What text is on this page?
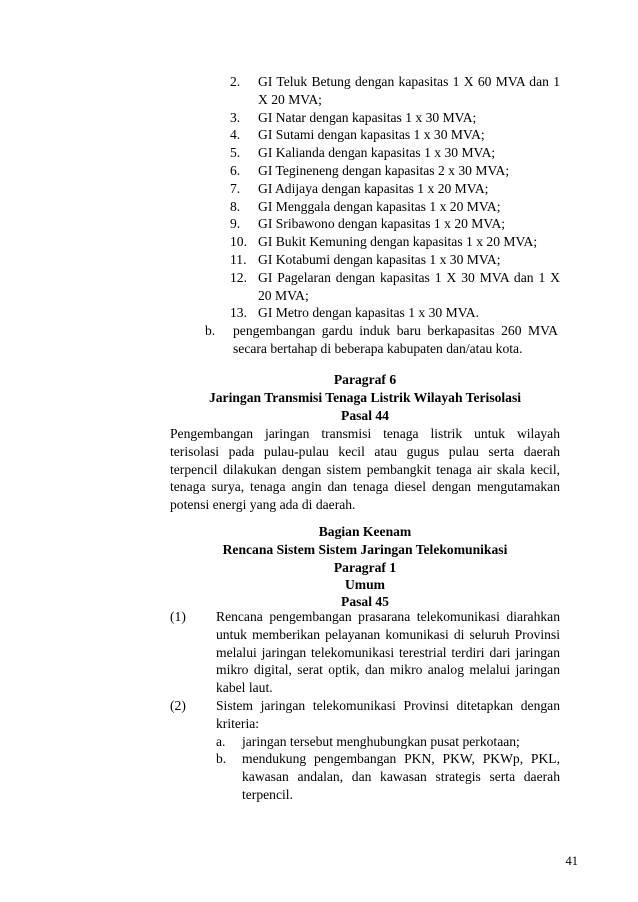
2. GI Teluk Betung dengan kapasitas 1 X 60 MVA dan 1 X 20 MVA;
3. GI Natar dengan kapasitas 1 x 30 MVA;
4. GI Sutami dengan kapasitas 1 x 30 MVA;
5. GI Kalianda dengan kapasitas 1 x 30 MVA;
6. GI Tegineneng dengan kapasitas 2 x 30 MVA;
7. GI Adijaya dengan kapasitas 1 x 20 MVA;
8. GI Menggala dengan kapasitas 1 x 20 MVA;
9. GI Sribawono dengan kapasitas 1 x 20 MVA;
10. GI Bukit Kemuning dengan kapasitas 1 x 20 MVA;
11. GI Kotabumi dengan kapasitas 1 x 30 MVA;
12. GI Pagelaran dengan kapasitas 1 X 30 MVA dan 1 X 20 MVA;
13. GI Metro dengan kapasitas 1 x 30 MVA.
b. pengembangan gardu induk baru berkapasitas 260 MVA secara bertahap di beberapa kabupaten dan/atau kota.
Paragraf 6
Jaringan Transmisi Tenaga Listrik Wilayah Terisolasi
Pasal 44
Pengembangan jaringan transmisi tenaga listrik untuk wilayah terisolasi pada pulau-pulau kecil atau gugus pulau serta daerah terpencil dilakukan dengan sistem pembangkit tenaga air skala kecil, tenaga surya, tenaga angin dan tenaga diesel dengan mengutamakan potensi energi yang ada di daerah.
Bagian Keenam
Rencana Sistem Sistem Jaringan Telekomunikasi
Paragraf 1
Umum
Pasal 45
(1) Rencana pengembangan prasarana telekomunikasi diarahkan untuk memberikan pelayanan komunikasi di seluruh Provinsi melalui jaringan telekomunikasi terestrial terdiri dari jaringan mikro digital, serat optik, dan mikro analog melalui jaringan kabel laut.
(2) Sistem jaringan telekomunikasi Provinsi ditetapkan dengan kriteria:
a. jaringan tersebut menghubungkan pusat perkotaan;
b. mendukung pengembangan PKN, PKW, PKWp, PKL, kawasan andalan, dan kawasan strategis serta daerah terpencil.
41
